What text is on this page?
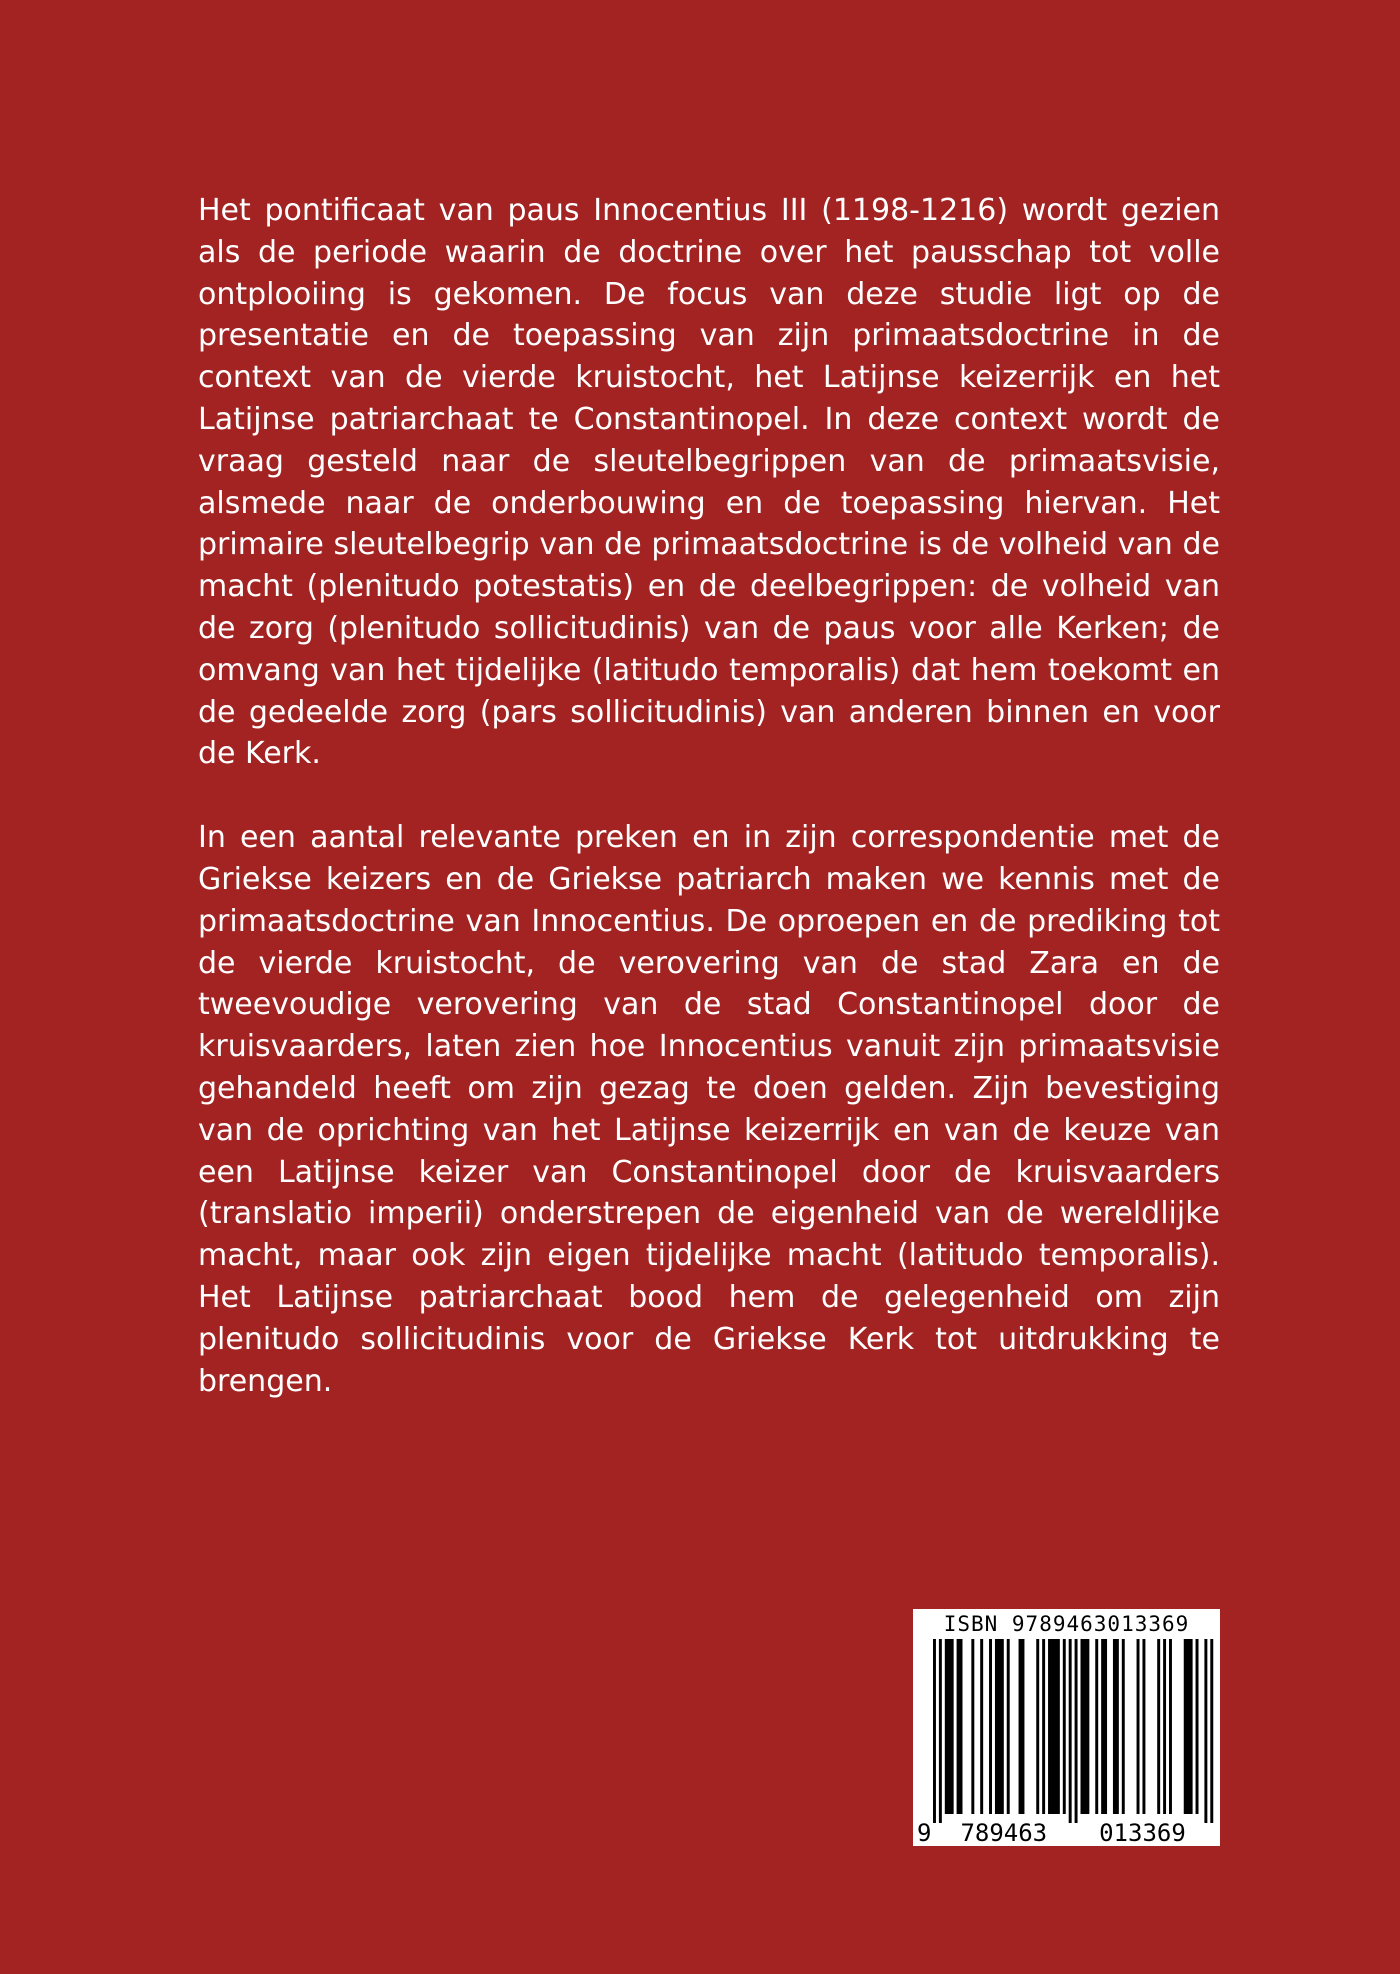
Het pontificaat van paus Innocentius III (1198-1216) wordt gezien als de periode waarin de doctrine over het pausschap tot volle ontplooiing is gekomen. De focus van deze studie ligt op de presentatie en de toepassing van zijn primaatsdoctrine in de context van de vierde kruistocht, het Latijnse keizerrijk en het Latijnse patriarchaat te Constantinopel. In deze context wordt de vraag gesteld naar de sleutelbegrippen van de primaatsvisie, alsmede naar de onderbouwing en de toepassing hiervan. Het primaire sleutelbegrip van de primaatsdoctrine is de volheid van de macht (plenitudo potestatis) en de deelbegrippen: de volheid van de zorg (plenitudo sollicitudinis) van de paus voor alle Kerken; de omvang van het tijdelijke (latitudo temporalis) dat hem toekomt en de gedeelde zorg (pars sollicitudinis) van anderen binnen en voor de Kerk.

In een aantal relevante preken en in zijn correspondentie met de Griekse keizers en de Griekse patriarch maken we kennis met de primaatsdoctrine van Innocentius. De oproepen en de prediking tot de vierde kruistocht, de verovering van de stad Zara en de tweevoudige verovering van de stad Constantinopel door de kruisvaarders, laten zien hoe Innocentius vanuit zijn primaatsvisie gehandeld heeft om zijn gezag te doen gelden. Zijn bevestiging van de oprichting van het Latijnse keizerrijk en van de keuze van een Latijnse keizer van Constantinopel door de kruisvaarders (translatio imperii) onderstrepen de eigenheid van de wereldlijke macht, maar ook zijn eigen tijdelijke macht (latitudo temporalis). Het Latijnse patriarchaat bood hem de gelegenheid om zijn plenitudo sollicitudinis voor de Griekse Kerk tot uitdrukking te brengen.

ISBN 9789463013369
9 789463 013369
